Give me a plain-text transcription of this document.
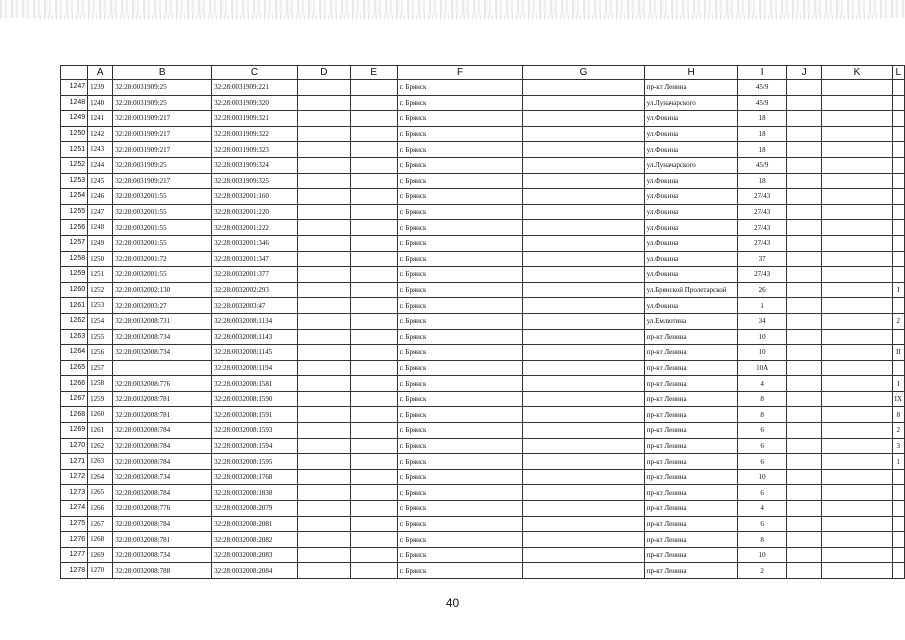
	A	B	C	D	E	F	G	H	I	J	K	L
1247	1239	32:28:0031909:25	32:28:0031909:221			г. Брянск		пр-кт Ленина	45/9			
1248	1240	32:28:0031909:25	32:28:0031909:320			г. Брянск		ул.Луначарского	45/9			
1249	1241	32:28:0031909:217	32:28:0031909:321			г. Брянск		ул.Фокина	18			
1250	1242	32:28:0031909:217	32:28:0031909:322			г. Брянск		ул.Фокина	18			
1251	1243	32:28:0031909:217	32:28:0031909:323			г. Брянск		ул.Фокина	18			
1252	1244	32:28:0031909:25	32:28:0031909:324			г. Брянск		ул.Луначарского	45/9			
1253	1245	32:28:0031909:217	32:28:0031909:325			г. Брянск		ул.Фокина	18			
1254	1246	32:28:0032001:55	32:28:0032001:160			г. Брянск		ул.Фокина	27/43			
1255	1247	32:28:0032001:55	32:28:0032001:220			г. Брянск		ул.Фокина	27/43			
1256	1248	32:28:0032001:55	32:28:0032001:222			г. Брянск		ул.Фокина	27/43			
1257	1249	32:28:0032001:55	32:28:0032001:346			г. Брянск		ул.Фокина	27/43			
1258	1250	32:28:0032001:72	32:28:0032001:347			г. Брянск		ул.Фокина	37			
1259	1251	32:28:0032001:55	32:28:0032001:377			г. Брянск		ул.Фокина	27/43			
1260	1252	32:28:0032002:130	32:28:0032002:293			г. Брянск		ул.Брянской Пролетарской	26			I
1261	1253	32:28:0032003:27	32:28:0032003:47			г. Брянск		ул.Фокина	1			
1262	1254	32:28:0032008:731	32:28:0032008:1134			г. Брянск		ул.Емлютина	34			2
1263	1255	32:28:0032008:734	32:28:0032008:1143			г. Брянск		пр-кт Ленина	10			
1264	1256	32:28:0032008:734	32:28:0032008:1145			г. Брянск		пр-кт Ленина	10			II
1265	1257		32:28:0032008:1194			г. Брянск		пр-кт Ленина	10А			
1266	1258	32:28:0032008:776	32:28:0032008:1581			г. Брянск		пр-кт Ленина	4			I
1267	1259	32:28:0032008:781	32:28:0032008:1590			г. Брянск		пр-кт Ленина	8			IX
1268	1260	32:28:0032008:781	32:28:0032008:1591			г. Брянск		пр-кт Ленина	8			8
1269	1261	32:28:0032008:784	32:28:0032008:1593			г. Брянск		пр-кт Ленина	6			2
1270	1262	32:28:0032008:784	32:28:0032008:1594			г. Брянск		пр-кт Ленина	6			3
1271	1263	32:28:0032008:784	32:28:0032008:1595			г. Брянск		пр-кт Ленина	6			1
1272	1264	32:28:0032008:734	32:28:0032008:1768			г. Брянск		пр-кт Ленина	10			
1273	1265	32:28:0032008:784	32:28:0032008:1838			г. Брянск		пр-кт Ленина	6			
1274	1266	32:28:0032008:776	32:28:0032008:2079			г. Брянск		пр-кт Ленина	4			
1275	1267	32:28:0032008:784	32:28:0032008:2081			г. Брянск		пр-кт Ленина	6			
1276	1268	32:28:0032008:781	32:28:0032008:2082			г. Брянск		пр-кт Ленина	8			
1277	1269	32:28:0032008:734	32:28:0032008:2083			г. Брянск		пр-кт Ленина	10			
1278	1270	32:28:0032008:788	32:28:0032008:2084			г. Брянск		пр-кт Ленина	2			
40
